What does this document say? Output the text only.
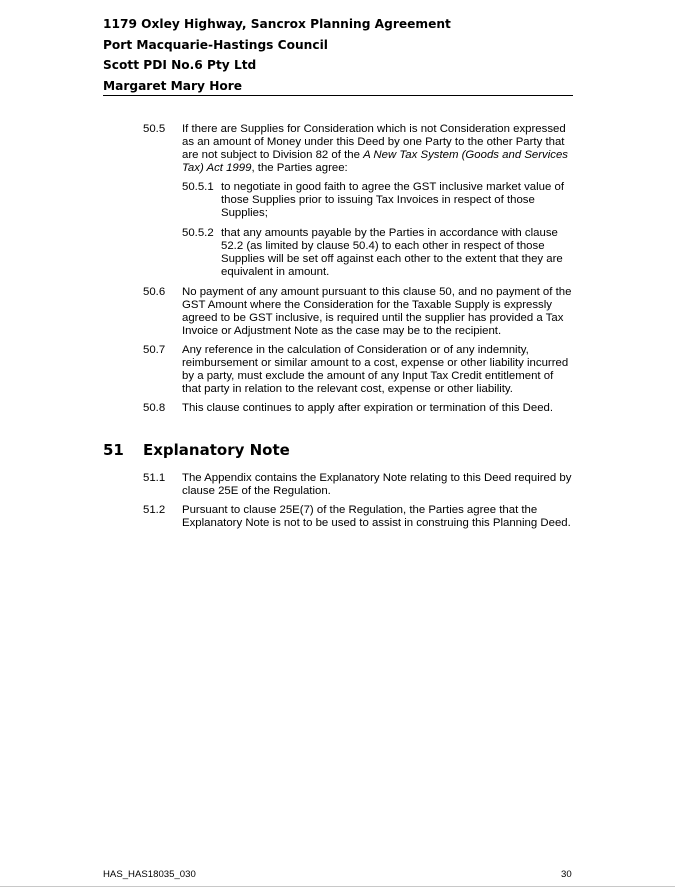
1179 Oxley Highway, Sancrox Planning Agreement
Port Macquarie-Hastings Council
Scott PDI No.6 Pty Ltd
Margaret Mary Hore
50.5 If there are Supplies for Consideration which is not Consideration expressed as an amount of Money under this Deed by one Party to the other Party that are not subject to Division 82 of the A New Tax System (Goods and Services Tax) Act 1999, the Parties agree:
50.5.1 to negotiate in good faith to agree the GST inclusive market value of those Supplies prior to issuing Tax Invoices in respect of those Supplies;
50.5.2 that any amounts payable by the Parties in accordance with clause 52.2 (as limited by clause 50.4) to each other in respect of those Supplies will be set off against each other to the extent that they are equivalent in amount.
50.6 No payment of any amount pursuant to this clause 50, and no payment of the GST Amount where the Consideration for the Taxable Supply is expressly agreed to be GST inclusive, is required until the supplier has provided a Tax Invoice or Adjustment Note as the case may be to the recipient.
50.7 Any reference in the calculation of Consideration or of any indemnity, reimbursement or similar amount to a cost, expense or other liability incurred by a party, must exclude the amount of any Input Tax Credit entitlement of that party in relation to the relevant cost, expense or other liability.
50.8 This clause continues to apply after expiration or termination of this Deed.
51 Explanatory Note
51.1 The Appendix contains the Explanatory Note relating to this Deed required by clause 25E of the Regulation.
51.2 Pursuant to clause 25E(7) of the Regulation, the Parties agree that the Explanatory Note is not to be used to assist in construing this Planning Deed.
HAS_HAS18035_030	30
